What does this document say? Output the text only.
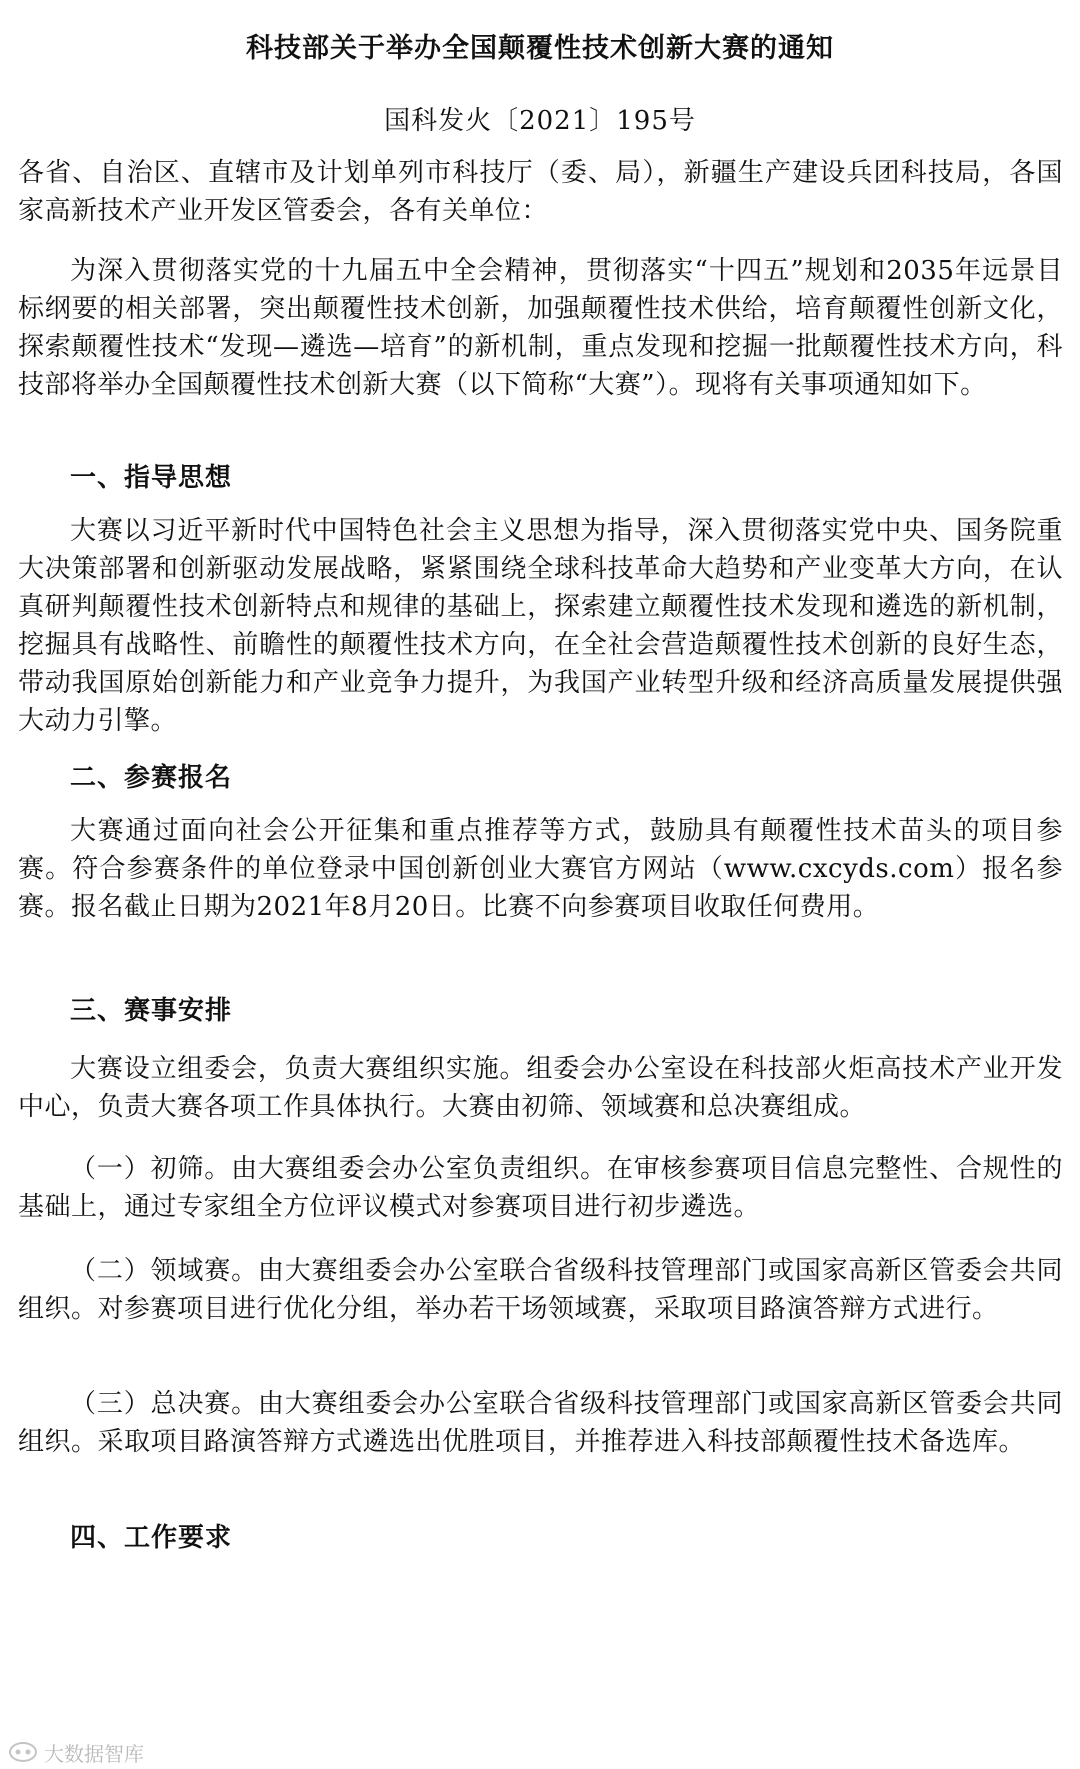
科技部关于举办全国颠覆性技术创新大赛的通知
国科发火〔2021〕195号
各省、自治区、直辖市及计划单列市科技厅（委、局），新疆生产建设兵团科技局，各国家高新技术产业开发区管委会，各有关单位：
为深入贯彻落实党的十九届五中全会精神，贯彻落实“十四五”规划和2035年远景目标纲要的相关部署，突出颠覆性技术创新，加强颠覆性技术供给，培育颠覆性创新文化，探索颠覆性技术“发现—遴选—培育”的新机制，重点发现和挖掘一批颠覆性技术方向，科技部将举办全国颠覆性技术创新大赛（以下简称“大赛”）。现将有关事项通知如下。
一、指导思想
大赛以习近平新时代中国特色社会主义思想为指导，深入贯彻落实党中央、国务院重大决策部署和创新驱动发展战略，紧紧围绕全球科技革命大趋势和产业变革大方向，在认真研判颠覆性技术创新特点和规律的基础上，探索建立颠覆性技术发现和遴选的新机制，挖掘具有战略性、前瞻性的颠覆性技术方向，在全社会营造颠覆性技术创新的良好生态，带动我国原始创新能力和产业竞争力提升，为我国产业转型升级和经济高质量发展提供强大动力引擎。
二、参赛报名
大赛通过面向社会公开征集和重点推荐等方式，鼓励具有颠覆性技术苗头的项目参赛。符合参赛条件的单位登录中国创新创业大赛官方网站（www.cxcyds.com）报名参赛。报名截止日期为2021年8月20日。比赛不向参赛项目收取任何费用。
三、赛事安排
大赛设立组委会，负责大赛组织实施。组委会办公室设在科技部火炬高技术产业开发中心，负责大赛各项工作具体执行。大赛由初筛、领域赛和总决赛组成。
（一）初筛。由大赛组委会办公室负责组织。在审核参赛项目信息完整性、合规性的基础上，通过专家组全方位评议模式对参赛项目进行初步遴选。
（二）领域赛。由大赛组委会办公室联合省级科技管理部门或国家高新区管委会共同组织。对参赛项目进行优化分组，举办若干场领域赛，采取项目路演答辩方式进行。
（三）总决赛。由大赛组委会办公室联合省级科技管理部门或国家高新区管委会共同组织。采取项目路演答辩方式遴选出优胜项目，并推荐进入科技部颠覆性技术备选库。
四、工作要求
大数据智库
